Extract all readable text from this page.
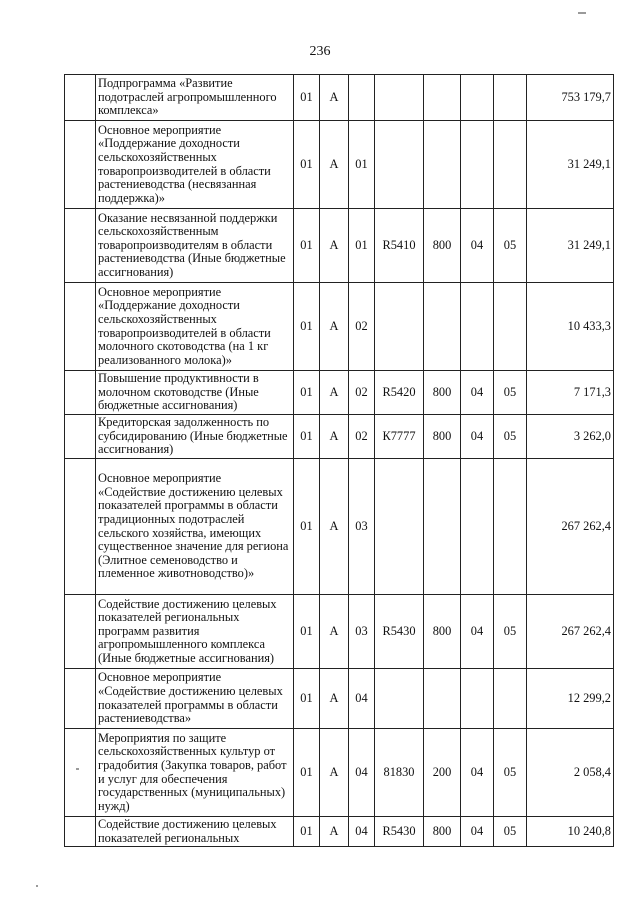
236
	Подпрограмма «Развитие подотраслей агропромышленного комплекса»	01	А						753 179,7
	Основное мероприятие «Поддержание доходности сельскохозяйственных товаропроизводителей в области растениеводства (несвязанная поддержка)»	01	А	01					31 249,1
	Оказание несвязанной поддержки сельскохозяйственным товаропроизводителям в области растениеводства (Иные бюджетные ассигнования)	01	А	01	R5410	800	04	05	31 249,1
	Основное мероприятие «Поддержание доходности сельскохозяйственных товаропроизводителей в области молочного скотоводства (на 1 кг реализованного молока)»	01	А	02					10 433,3
	Повышение продуктивности в молочном скотоводстве (Иные бюджетные ассигнования)	01	А	02	R5420	800	04	05	7 171,3
	Кредиторская задолженность по субсидированию (Иные бюджетные ассигнования)	01	А	02	К7777	800	04	05	3 262,0
	Основное мероприятие «Содействие достижению целевых показателей программы в области традиционных подотраслей сельского хозяйства, имеющих существенное значение для региона (Элитное семеноводство и племенное животноводство)»	01	А	03					267 262,4
	Содействие достижению целевых показателей региональных программ развития агропромышленного комплекса (Иные бюджетные ассигнования)	01	А	03	R5430	800	04	05	267 262,4
	Основное мероприятие «Содействие достижению целевых показателей программы в области растениеводства»	01	А	04					12 299,2
	Мероприятия по защите сельскохозяйственных культур от градобития (Закупка товаров, работ и услуг для обеспечения государственных (муниципальных) нужд)	01	А	04	81830	200	04	05	2 058,4
	Содействие достижению целевых показателей региональных	01	А	04	R5430	800	04	05	10 240,8
